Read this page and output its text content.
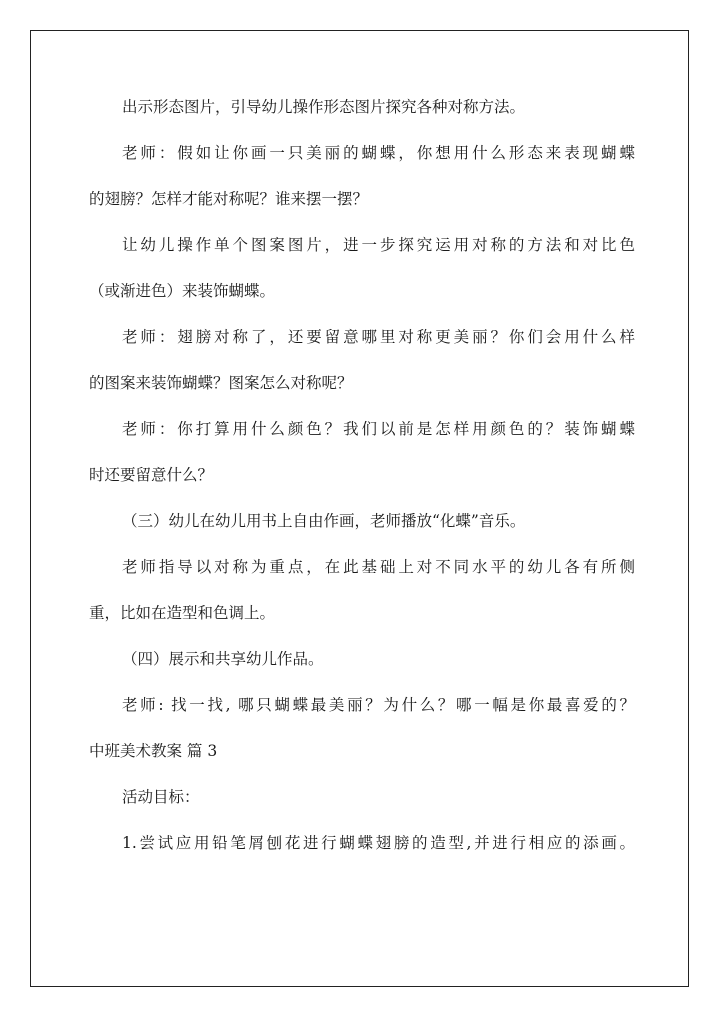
出示形态图片，引导幼儿操作形态图片探究各种对称方法。
老师：假如让你画一只美丽的蝴蝶，你想用什么形态来表现蝴蝶
的翅膀？怎样才能对称呢？谁来摆一摆？
让幼儿操作单个图案图片，进一步探究运用对称的方法和对比色
（或渐进色）来装饰蝴蝶。
老师：翅膀对称了，还要留意哪里对称更美丽？你们会用什么样
的图案来装饰蝴蝶？图案怎么对称呢？
老师：你打算用什么颜色？我们以前是怎样用颜色的？装饰蝴蝶
时还要留意什么？
（三）幼儿在幼儿用书上自由作画，老师播放“化蝶”音乐。
老师指导以对称为重点，在此基础上对不同水平的幼儿各有所侧
重，比如在造型和色调上。
（四）展示和共享幼儿作品。
老师: 找一找, 哪只蝴蝶最美丽？为什么？哪一幅是你最喜爱的？
中班美术教案 篇 3
活动目标：
1.尝试应用铅笔屑刨花进行蝴蝶翅膀的造型,并进行相应的添画。
